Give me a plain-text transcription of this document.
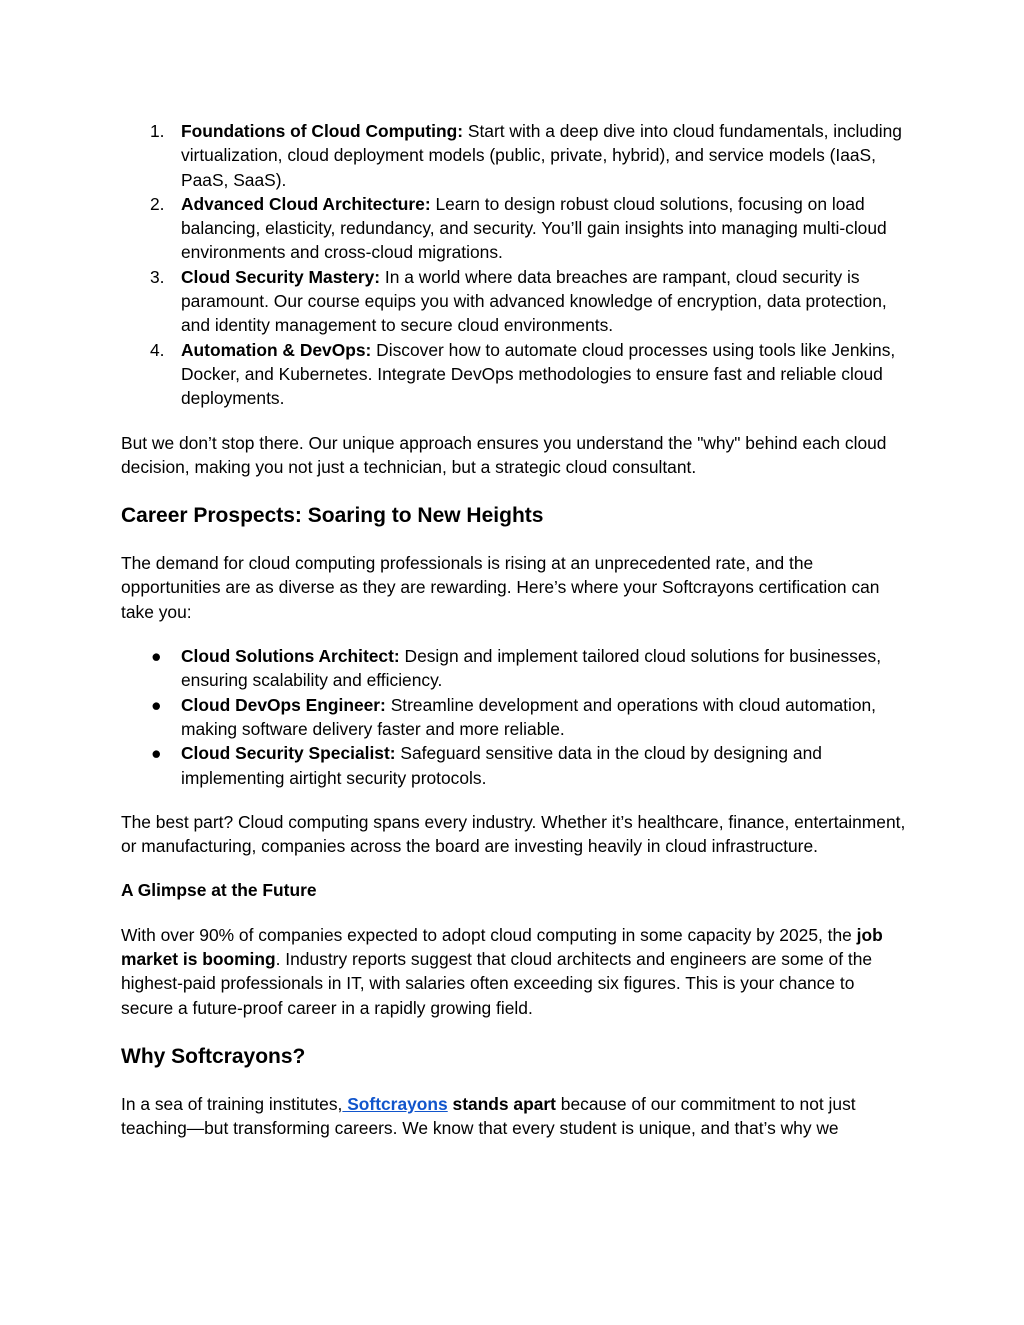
1. Foundations of Cloud Computing: Start with a deep dive into cloud fundamentals, including virtualization, cloud deployment models (public, private, hybrid), and service models (IaaS, PaaS, SaaS).
2. Advanced Cloud Architecture: Learn to design robust cloud solutions, focusing on load balancing, elasticity, redundancy, and security. You’ll gain insights into managing multi-cloud environments and cross-cloud migrations.
3. Cloud Security Mastery: In a world where data breaches are rampant, cloud security is paramount. Our course equips you with advanced knowledge of encryption, data protection, and identity management to secure cloud environments.
4. Automation & DevOps: Discover how to automate cloud processes using tools like Jenkins, Docker, and Kubernetes. Integrate DevOps methodologies to ensure fast and reliable cloud deployments.

But we don’t stop there. Our unique approach ensures you understand the "why" behind each cloud decision, making you not just a technician, but a strategic cloud consultant.

Career Prospects: Soaring to New Heights

The demand for cloud computing professionals is rising at an unprecedented rate, and the opportunities are as diverse as they are rewarding. Here’s where your Softcrayons certification can take you:

● Cloud Solutions Architect: Design and implement tailored cloud solutions for businesses, ensuring scalability and efficiency.
● Cloud DevOps Engineer: Streamline development and operations with cloud automation, making software delivery faster and more reliable.
● Cloud Security Specialist: Safeguard sensitive data in the cloud by designing and implementing airtight security protocols.

The best part? Cloud computing spans every industry. Whether it’s healthcare, finance, entertainment, or manufacturing, companies across the board are investing heavily in cloud infrastructure.

A Glimpse at the Future

With over 90% of companies expected to adopt cloud computing in some capacity by 2025, the job market is booming. Industry reports suggest that cloud architects and engineers are some of the highest-paid professionals in IT, with salaries often exceeding six figures. This is your chance to secure a future-proof career in a rapidly growing field.

Why Softcrayons?

In a sea of training institutes, Softcrayons stands apart because of our commitment to not just teaching—but transforming careers. We know that every student is unique, and that’s why we
